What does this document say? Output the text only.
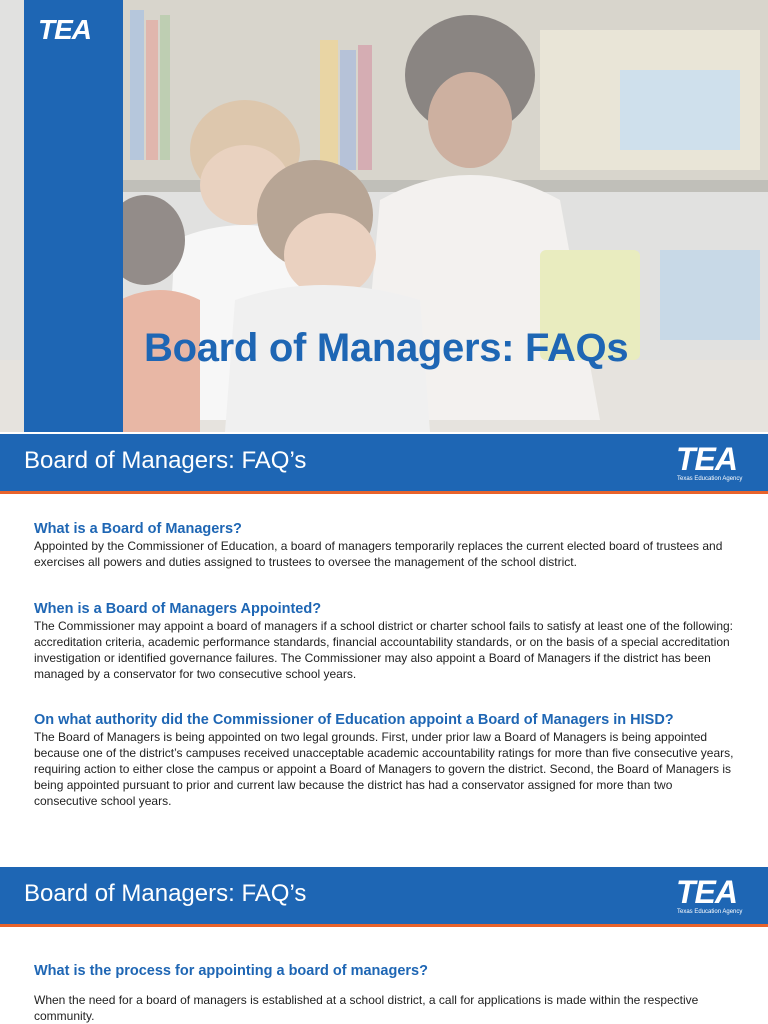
TEA
Board of Managers: FAQs
Board of Managers: FAQ’s	TEA
Texas Education Agency
What is a Board of Managers?
Appointed by the Commissioner of Education, a board of managers temporarily replaces the current elected board of trustees and exercises all powers and duties assigned to trustees to oversee the management of the school district.
When is a Board of Managers Appointed?
The Commissioner may appoint a board of managers if a school district or charter school fails to satisfy at least one of the following: accreditation criteria, academic performance standards, financial accountability standards, or on the basis of a special accreditation investigation or identified governance failures. The Commissioner may also appoint a Board of Managers if the district has been managed by a conservator for two consecutive school years.
On what authority did the Commissioner of Education appoint a Board of Managers in HISD?
The Board of Managers is being appointed on two legal grounds. First, under prior law a Board of Managers is being appointed because one of the district’s campuses received unacceptable academic accountability ratings for more than five consecutive years, requiring action to either close the campus or appoint a Board of Managers to govern the district. Second, the Board of Managers is being appointed pursuant to prior and current law because the district has had a conservator assigned for more than two consecutive school years.
Board of Managers: FAQ’s	TEA
Texas Education Agency
What is the process for appointing a board of managers?
When the need for a board of managers is established at a school district, a call for applications is made within the respective community.
